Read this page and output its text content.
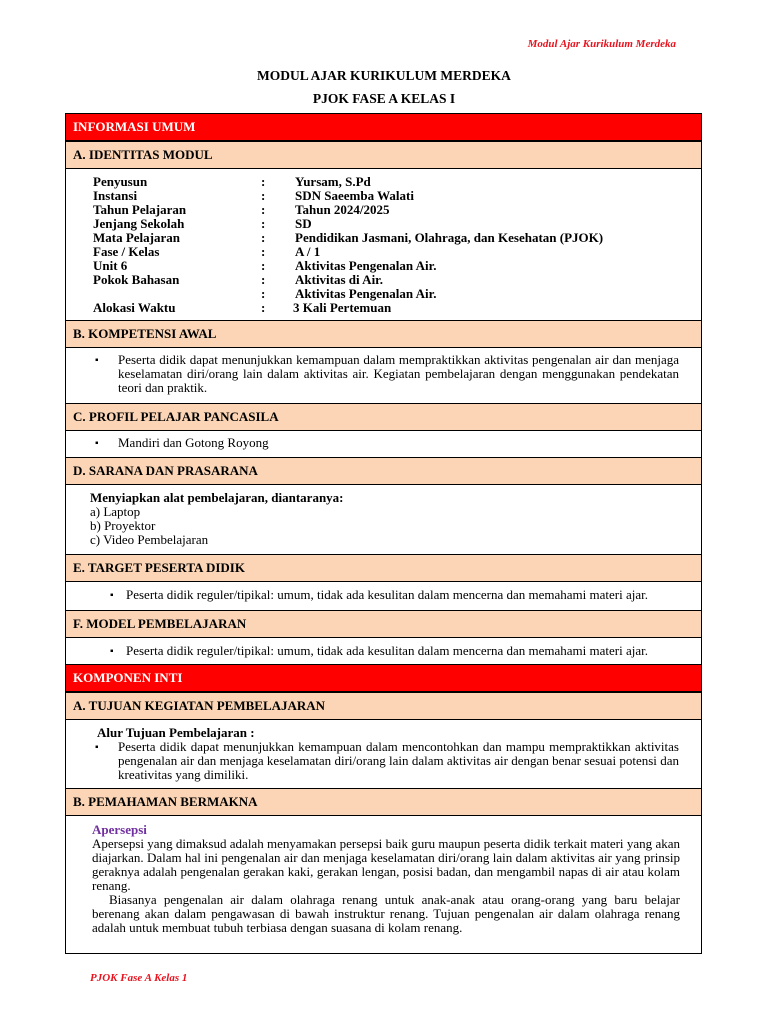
Modul Ajar Kurikulum Merdeka
MODUL AJAR KURIKULUM MERDEKA
PJOK FASE A KELAS I
INFORMASI UMUM
A. IDENTITAS MODUL
Penyusun	: Yursam, S.Pd
Instansi	: SDN Saeemba Walati
Tahun Pelajaran	: Tahun 2024/2025
Jenjang Sekolah	: SD
Mata Pelajaran	: Pendidikan Jasmani, Olahraga, dan Kesehatan (PJOK)
Fase / Kelas	: A / 1
Unit 6	: Aktivitas Pengenalan Air.
Pokok Bahasan	: Aktivitas di Air.
: Aktivitas Pengenalan Air.
Alokasi Waktu	: 3 Kali Pertemuan
B. KOMPETENSI AWAL
▪ Peserta didik dapat menunjukkan kemampuan dalam mempraktikkan aktivitas pengenalan air dan menjaga keselamatan diri/orang lain dalam aktivitas air. Kegiatan pembelajaran dengan menggunakan pendekatan teori dan praktik.
C. PROFIL PELAJAR PANCASILA
▪ Mandiri dan Gotong Royong
D. SARANA DAN PRASARANA
Menyiapkan alat pembelajaran, diantaranya:
a) Laptop
b) Proyektor
c) Video Pembelajaran
E. TARGET PESERTA DIDIK
▪ Peserta didik reguler/tipikal: umum, tidak ada kesulitan dalam mencerna dan memahami materi ajar.
F. MODEL PEMBELAJARAN
▪ Peserta didik reguler/tipikal: umum, tidak ada kesulitan dalam mencerna dan memahami materi ajar.
KOMPONEN INTI
A. TUJUAN KEGIATAN PEMBELAJARAN
Alur Tujuan Pembelajaran :
▪ Peserta didik dapat menunjukkan kemampuan dalam mencontohkan dan mampu mempraktikkan aktivitas pengenalan air dan menjaga keselamatan diri/orang lain dalam aktivitas air dengan benar sesuai potensi dan kreativitas yang dimiliki.
B. PEMAHAMAN BERMAKNA
Apersepsi
Apersepsi yang dimaksud adalah menyamakan persepsi baik guru maupun peserta didik terkait materi yang akan diajarkan. Dalam hal ini pengenalan air dan menjaga keselamatan diri/orang lain dalam aktivitas air yang prinsip geraknya adalah pengenalan gerakan kaki, gerakan lengan, posisi badan, dan mengambil napas di air atau kolam renang.
Biasanya pengenalan air dalam olahraga renang untuk anak-anak atau orang-orang yang baru belajar berenang akan dalam pengawasan di bawah instruktur renang. Tujuan pengenalan air dalam olahraga renang adalah untuk membuat tubuh terbiasa dengan suasana di kolam renang.
PJOK Fase A Kelas 1
